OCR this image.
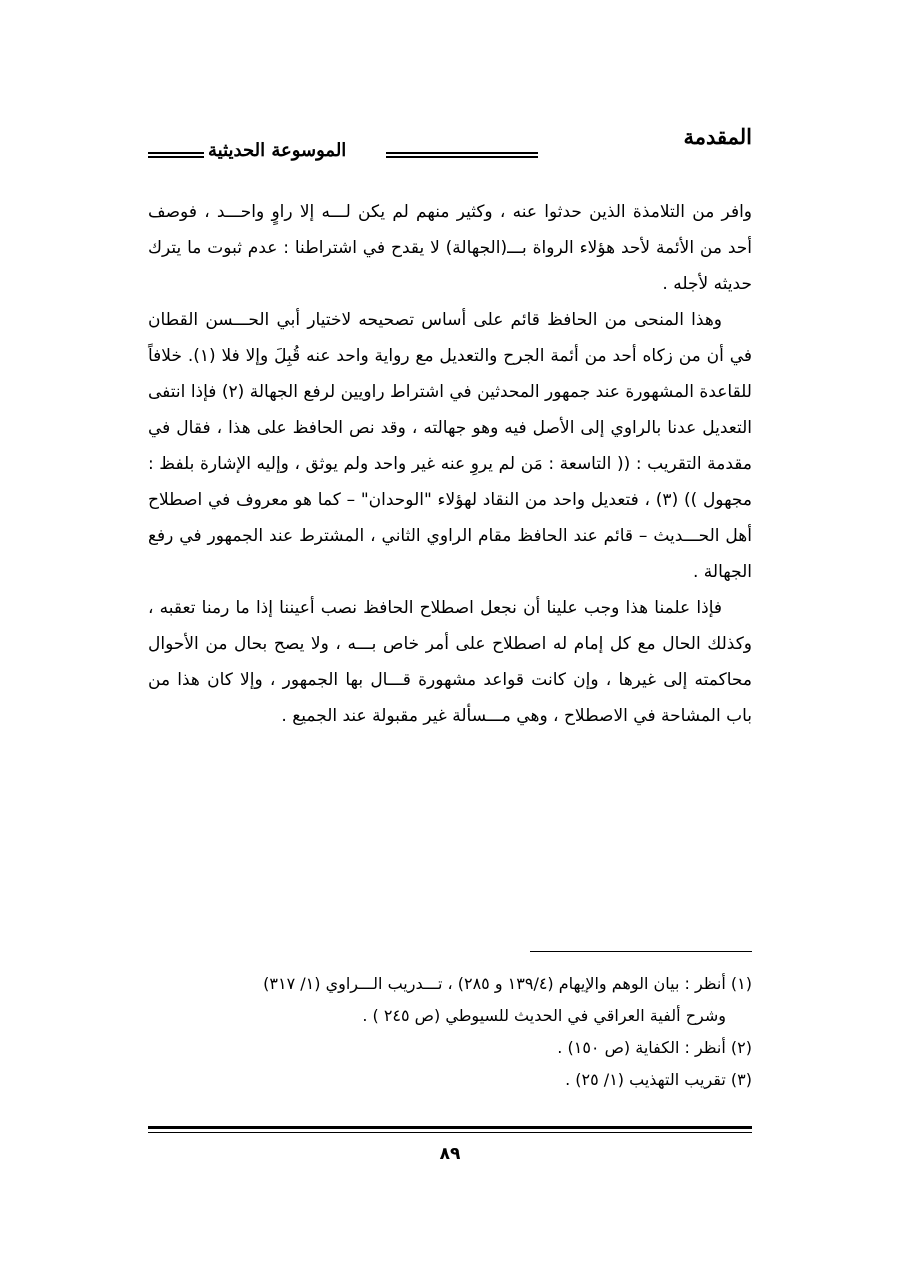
المقدمة
الموسوعة الحديثية

وافر من التلامذة الذين حدثوا عنه ، وكثير منهم لم يكن لـــه إلا راوٍ واحـــد ، فوصف أحد من الأئمة لأحد هؤلاء الرواة بـــ(الجهالة) لا يقدح في اشتراطنا : عدم ثبوت ما يترك حديثه لأجله .

وهذا المنحى من الحافظ قائم على أساس تصحيحه لاختيار أبي الحـــسن القطان في أن من زكاه أحد من أئمة الجرح والتعديل مع رواية واحد عنه قُبِلَ وإلا فلا (١). خلافاً للقاعدة المشهورة عند جمهور المحدثين في اشتراط راويين لرفع الجهالة (٢) فإذا انتفى التعديل عدنا بالراوي إلى الأصل فيه وهو جهالته ، وقد نص الحافظ على هذا ، فقال في مقدمة التقريب : (( التاسعة : مَن لم يروِ عنه غير واحد ولم يوثق ، وإليه الإشارة بلفظ : مجهول )) (٣) ، فتعديل واحد من النقاد لهؤلاء "الوحدان" – كما هو معروف في اصطلاح أهل الحـــديث – قائم عند الحافظ مقام الراوي الثاني ، المشترط عند الجمهور في رفع الجهالة .

فإذا علمنا هذا وجب علينا أن نجعل اصطلاح الحافظ نصب أعيننا إذا ما رمنا تعقبه ، وكذلك الحال مع كل إمام له اصطلاح على أمر خاص بـــه ، ولا يصح بحال من الأحوال محاكمته إلى غيرها ، وإن كانت قواعد مشهورة قـــال بها الجمهور ، وإلا كان هذا من باب المشاحة في الاصطلاح ، وهي مـــسألة غير مقبولة عند الجميع .

(١) أنظر : بيان الوهم والإيهام (١٣٩/٤ و ٢٨٥) ، تـــدريب الـــراوي (١/ ٣١٧)

وشرح ألفية العراقي في الحديث للسيوطي (ص ٢٤٥ ) .

(٢) أنظر : الكفاية (ص ١٥٠) .

(٣) تقريب التهذيب (١/ ٢٥) .

٨٩
